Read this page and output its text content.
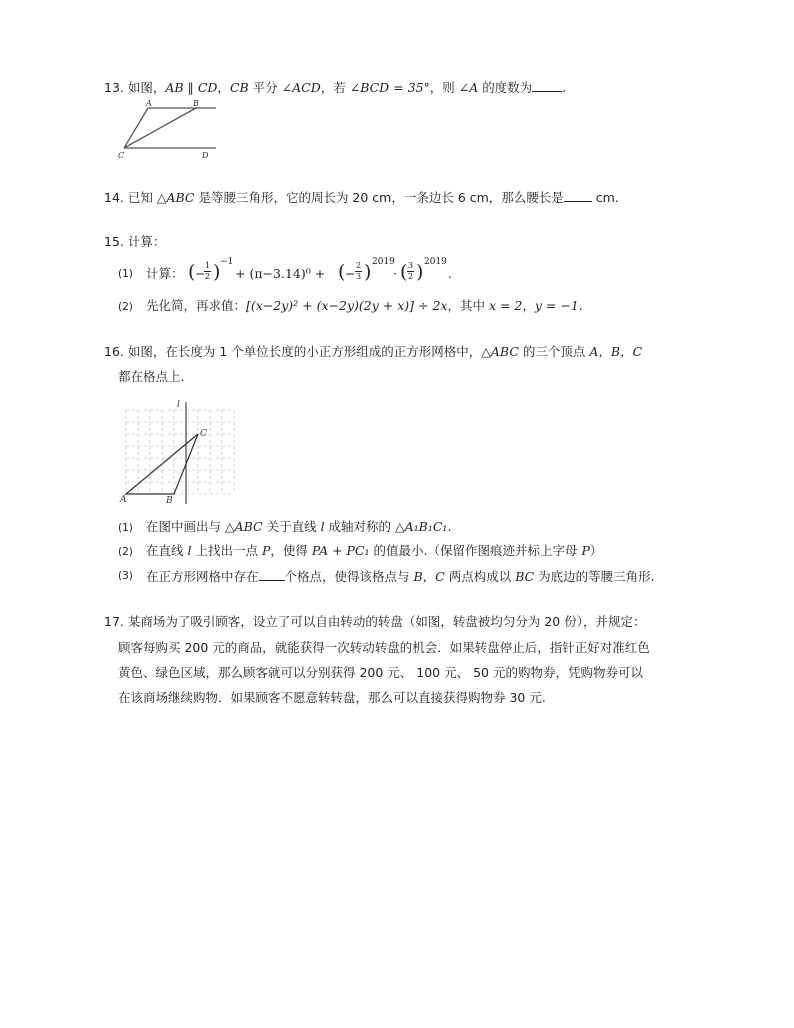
13. 如图，AB ∥ CD，CB 平分 ∠ACD，若 ∠BCD = 35°，则 ∠A 的度数为 .
A	B
C	D
14. 已知 △ABC 是等腰三角形，它的周长为 20 cm，一条边长 6 cm，那么腰长是 cm.
15. 计算：
(1) 计算： ( −
1
2 ) −1
+ (π−3.14)⁰ + ( −
2
3 ) 2019
· ( 3
2 ) 2019
.
(2) 先化简，再求值：[(x−2y)² + (x−2y)(2y + x)] ÷ 2x，其中 x = 2，y = −1.
16. 如图，在长度为 1 个单位长度的小正方形组成的正方形网格中，△ABC 的三个顶点 A，B，C
都在格点上.
l
C
A	B
(1) 在图中画出与 △ABC 关于直线 l 成轴对称的 △A₁B₁C₁.
(2) 在直线 l 上找出一点 P，使得 PA + PC₁ 的值最小.（保留作图痕迹并标上字母 P）
(3) 在正方形网格中存在 个格点，使得该格点与 B，C 两点构成以 BC 为底边的等腰三角形.
17. 某商场为了吸引顾客，设立了可以自由转动的转盘（如图，转盘被均匀分为 20 份），并规定：
顾客每购买 200 元的商品，就能获得一次转动转盘的机会．如果转盘停止后，指针正好对准红色
黄色、绿色区域，那么顾客就可以分别获得 200 元、 100 元、 50 元的购物券，凭购物券可以
在该商场继续购物．如果顾客不愿意转转盘，那么可以直接获得购物券 30 元.
